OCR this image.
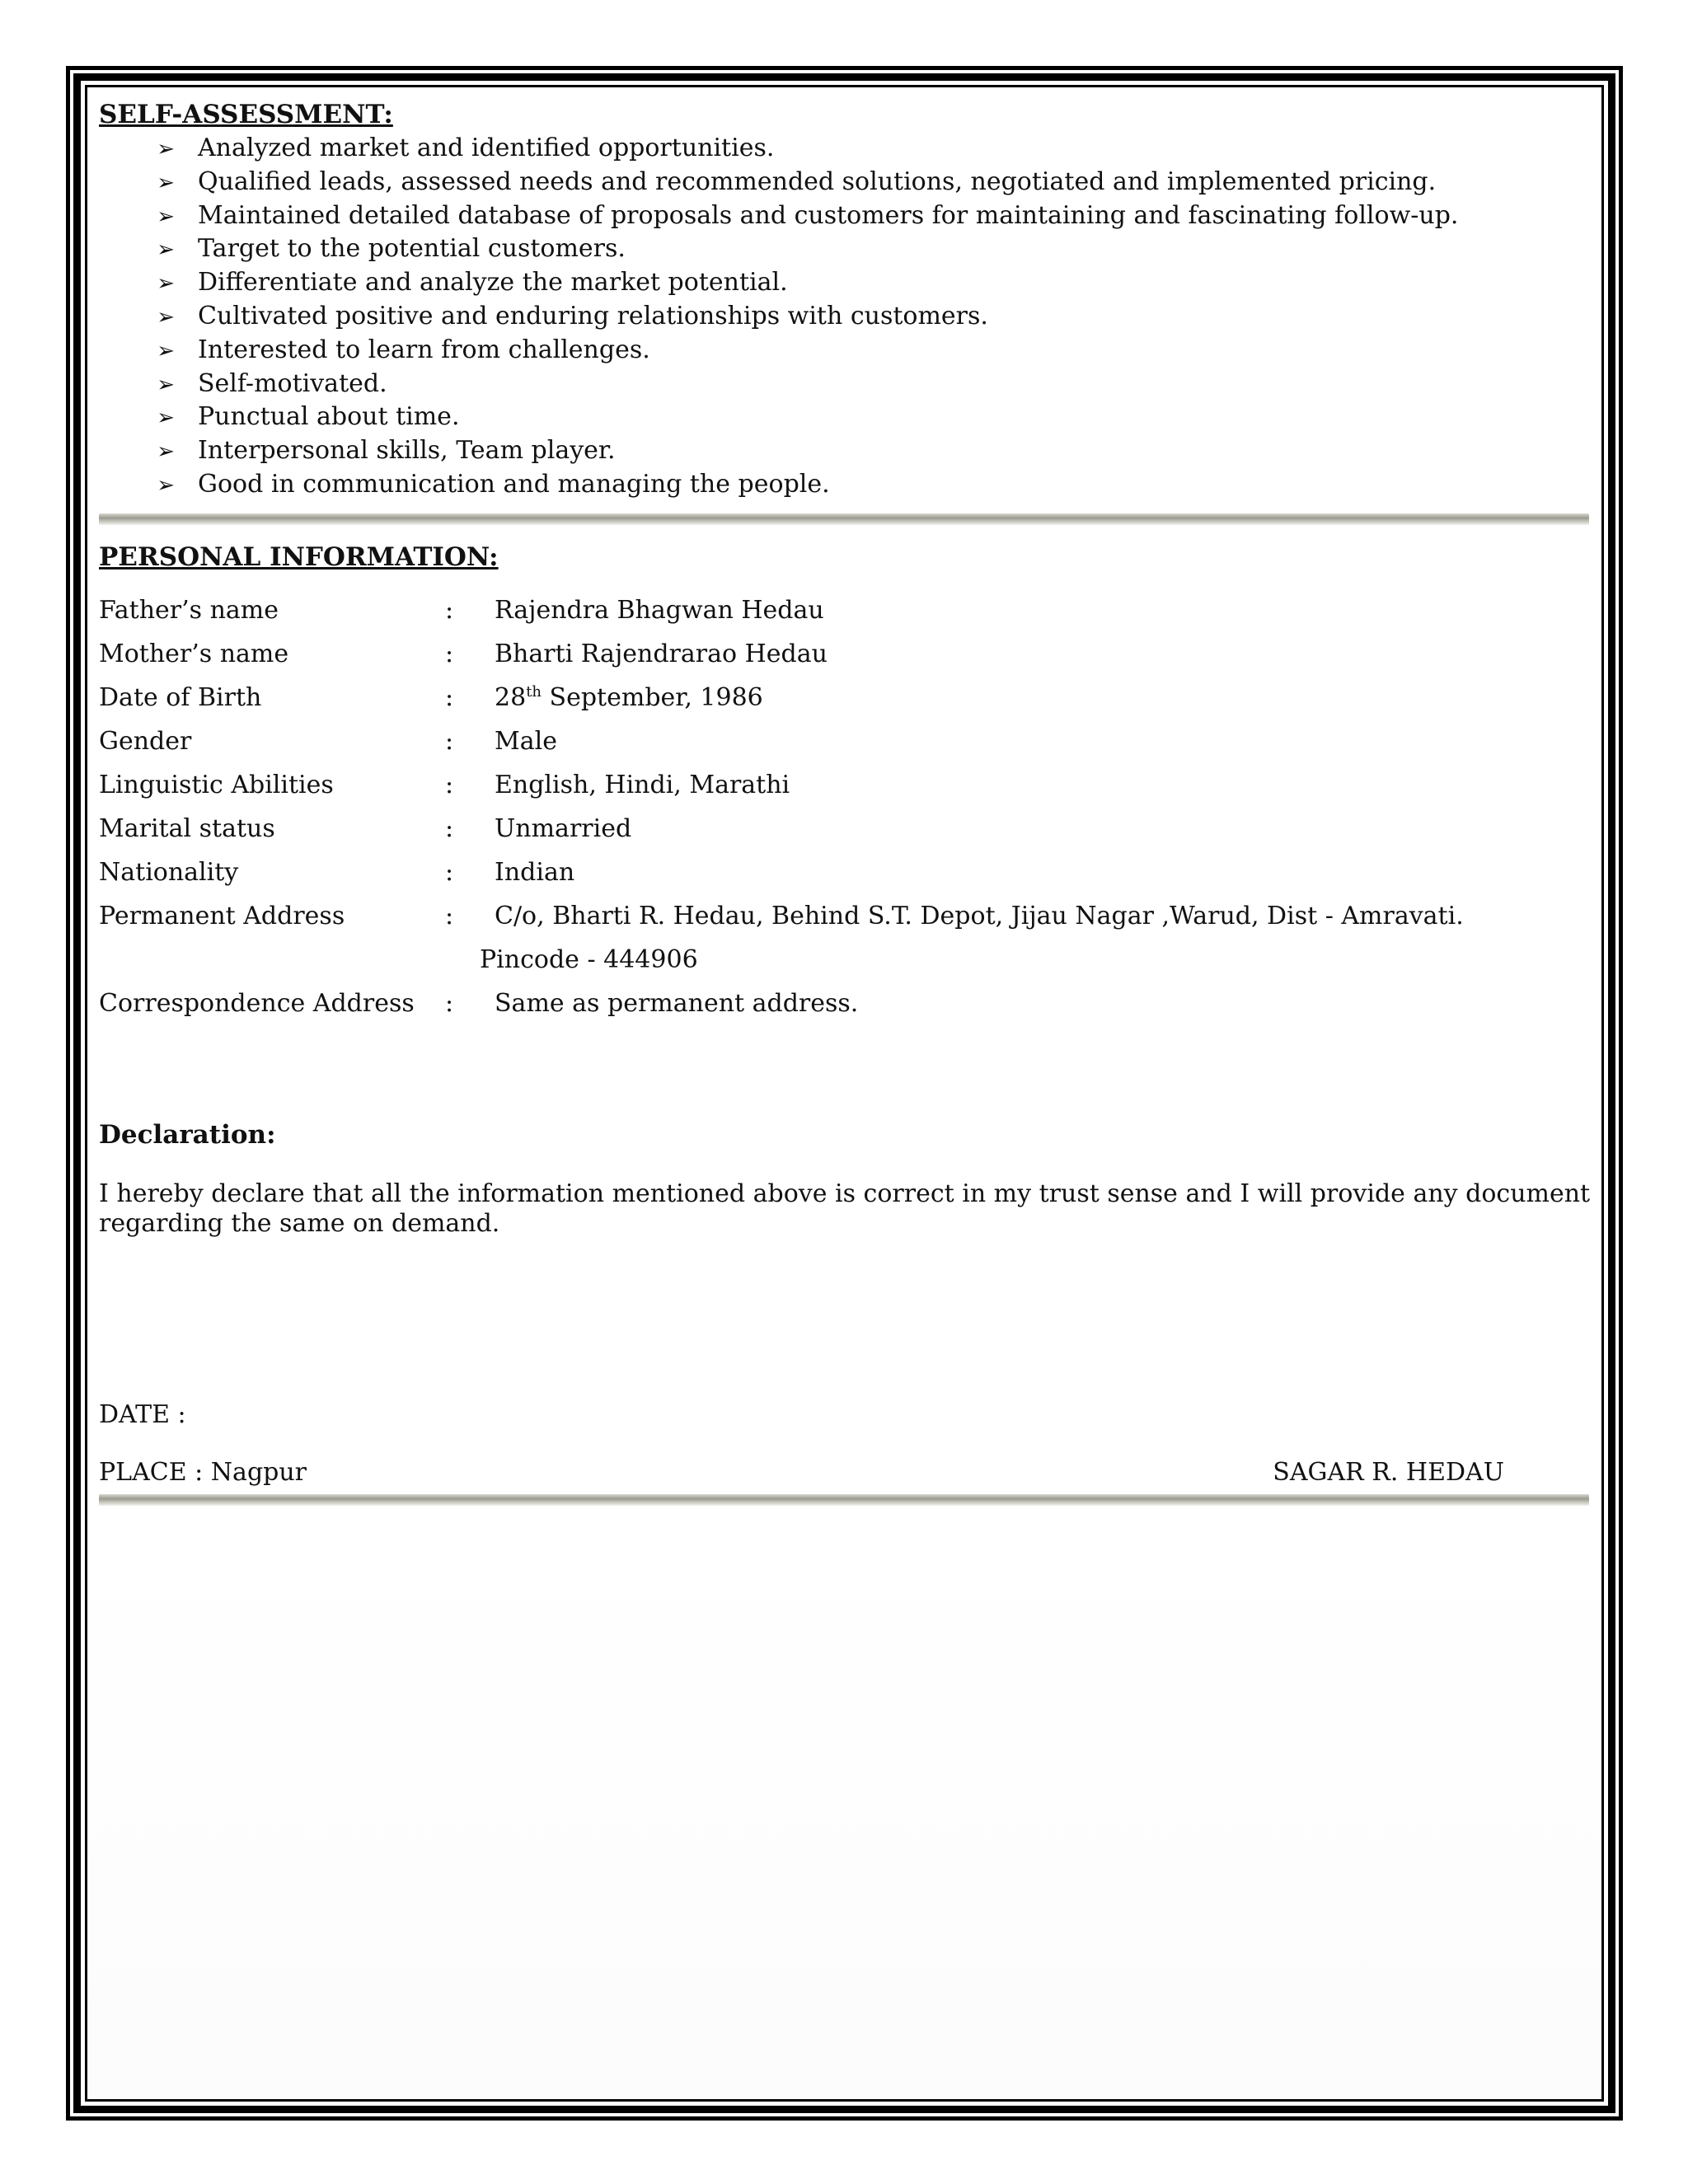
SELF-ASSESSMENT:
➢ Analyzed market and identified opportunities.
➢ Qualified leads, assessed needs and recommended solutions, negotiated and implemented pricing.
➢ Maintained detailed database of proposals and customers for maintaining and fascinating follow-up.
➢ Target to the potential customers.
➢ Differentiate and analyze the market potential.
➢ Cultivated positive and enduring relationships with customers.
➢ Interested to learn from challenges.
➢ Self-motivated.
➢ Punctual about time.
➢ Interpersonal skills, Team player.
➢ Good in communication and managing the people.
PERSONAL INFORMATION:
Father’s name	:	Rajendra Bhagwan Hedau
Mother’s name	:	Bharti Rajendrarao Hedau
Date of Birth	:	28th September, 1986
Gender	:	Male
Linguistic Abilities	:	English, Hindi, Marathi
Marital status	:	Unmarried
Nationality	:	Indian
Permanent Address	:	C/o, Bharti R. Hedau, Behind S.T. Depot, Jijau Nagar ,Warud, Dist - Amravati.
Pincode - 444906
Correspondence Address	:	Same as permanent address.
Declaration:

I hereby declare that all the information mentioned above is correct in my trust sense and I will provide any document regarding the same on demand.

DATE :
PLACE : Nagpur	SAGAR R. HEDAU
